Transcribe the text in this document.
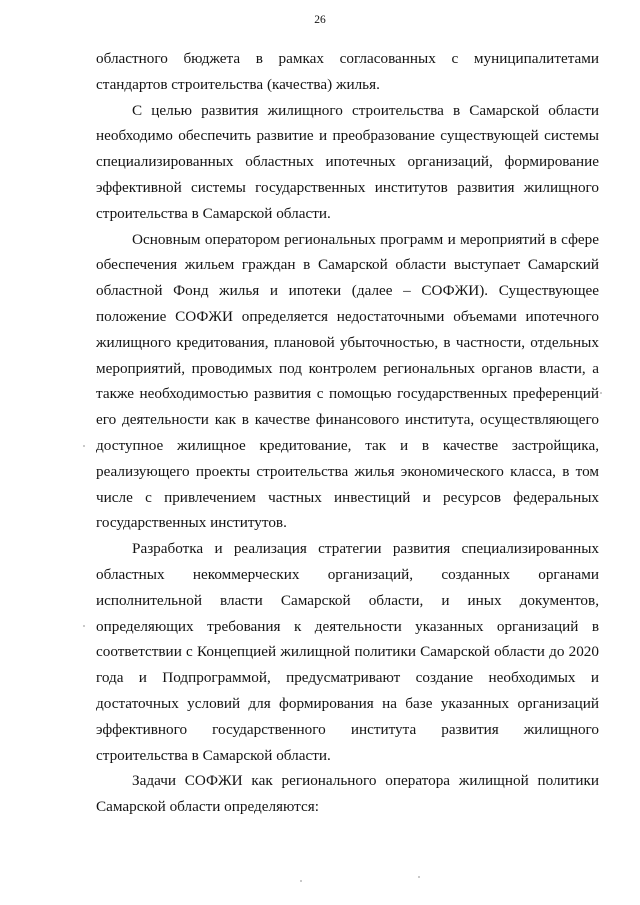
26

областного бюджета в рамках согласованных с муниципалитетами
стандартов строительства (качества) жилья.

С целью развития жилищного строительства в Самарской области
необходимо обеспечить развитие и преобразование существующей системы
специализированных областных ипотечных организаций, формирование
эффективной системы государственных институтов развития жилищного
строительства в Самарской области.

Основным оператором региональных программ и мероприятий в сфере
обеспечения жильем граждан в Самарской области выступает Самарский
областной Фонд жилья и ипотеки (далее – СОФЖИ). Существующее
положение СОФЖИ определяется недостаточными объемами ипотечного
жилищного кредитования, плановой убыточностью, в частности, отдельных
мероприятий, проводимых под контролем региональных органов власти, а
также необходимостью развития с помощью государственных преференций
его деятельности как в качестве финансового института, осуществляющего
доступное жилищное кредитование, так и в качестве застройщика,
реализующего проекты строительства жилья экономического класса, в том
числе с привлечением частных инвестиций и ресурсов федеральных
государственных институтов.

Разработка и реализация стратегии развития специализированных
областных некоммерческих организаций, созданных органами
исполнительной власти Самарской области, и иных документов,
определяющих требования к деятельности указанных организаций в
соответствии с Концепцией жилищной политики Самарской области до 2020
года и Подпрограммой, предусматривают создание необходимых и
достаточных условий для формирования на базе указанных организаций
эффективного государственного института развития жилищного
строительства в Самарской области.

Задачи СОФЖИ как регионального оператора жилищной политики
Самарской области определяются:
